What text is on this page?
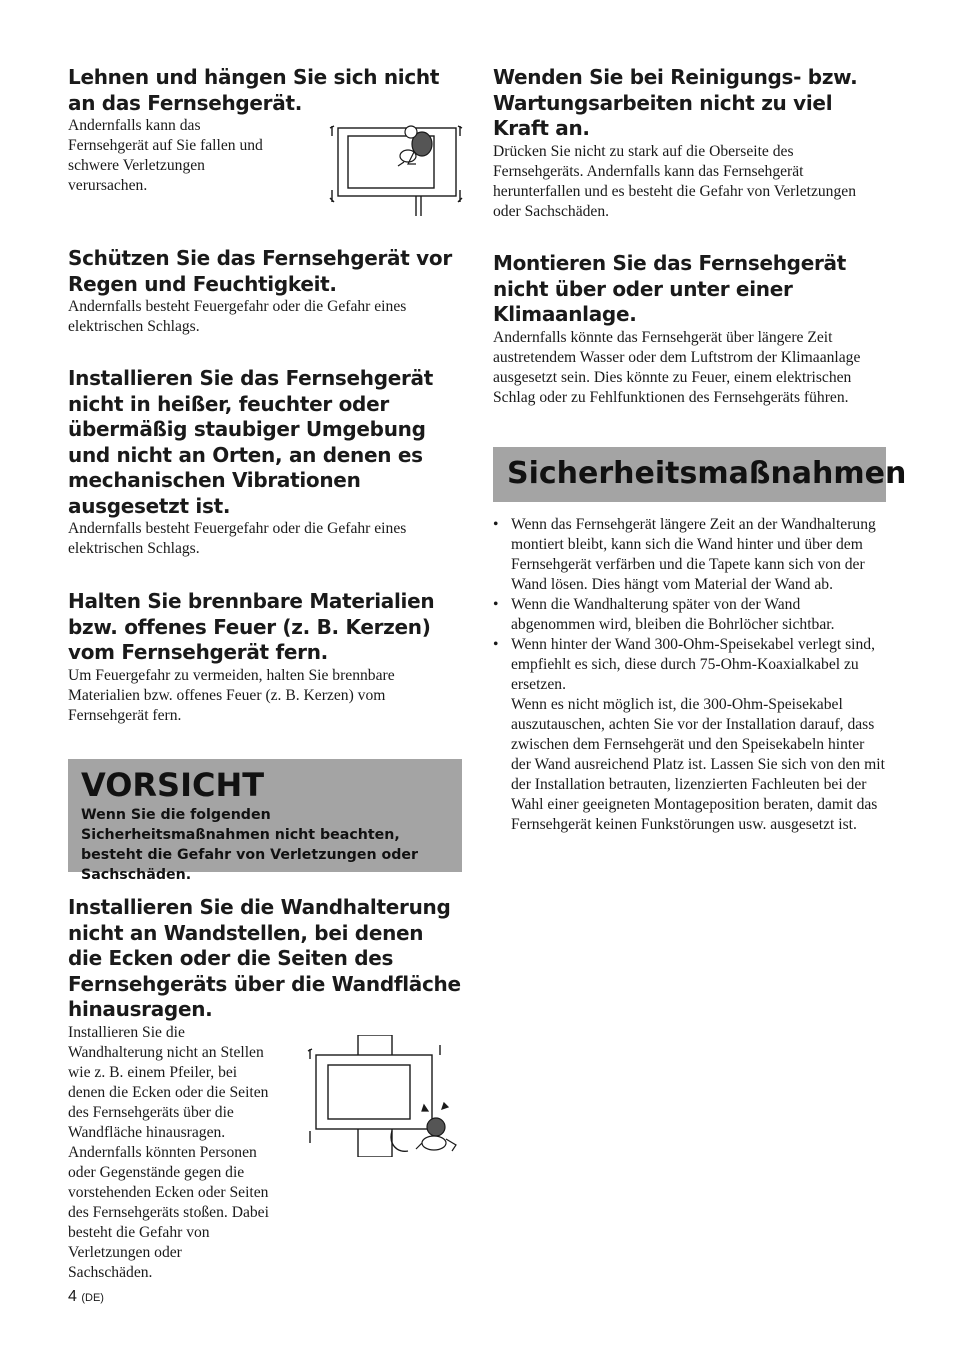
Lehnen und hängen Sie sich nicht an das Fernsehgerät.

Andernfalls kann das
Fernsehgerät auf Sie fallen und
schwere Verletzungen
verursachen.

Schützen Sie das Fernsehgerät vor Regen und Feuchtigkeit.

Andernfalls besteht Feuergefahr oder die Gefahr eines elektrischen Schlags.

Installieren Sie das Fernsehgerät nicht in heißer, feuchter oder übermäßig staubiger Umgebung und nicht an Orten, an denen es mechanischen Vibrationen ausgesetzt ist.

Andernfalls besteht Feuergefahr oder die Gefahr eines elektrischen Schlags.

Halten Sie brennbare Materialien bzw. offenes Feuer (z. B. Kerzen) vom Fernsehgerät fern.

Um Feuergefahr zu vermeiden, halten Sie brennbare Materialien bzw. offenes Feuer (z. B. Kerzen) vom Fernsehgerät fern.

VORSICHT
Wenn Sie die folgenden Sicherheitsmaßnahmen nicht beachten, besteht die Gefahr von Verletzungen oder Sachschäden.
Installieren Sie die Wandhalterung nicht an Wandstellen, bei denen die Ecken oder die Seiten des Fernsehgeräts über die Wandfläche hinausragen.

Installieren Sie die
Wandhalterung nicht an Stellen
wie z. B. einem Pfeiler, bei
denen die Ecken oder die Seiten
des Fernsehgeräts über die
Wandfläche hinausragen.
Andernfalls könnten Personen
oder Gegenstände gegen die
vorstehenden Ecken oder Seiten
des Fernsehgeräts stoßen. Dabei
besteht die Gefahr von
Verletzungen oder
Sachschäden.

Wenden Sie bei Reinigungs- bzw. Wartungsarbeiten nicht zu viel Kraft an.

Drücken Sie nicht zu stark auf die Oberseite des Fernsehgeräts. Andernfalls kann das Fernsehgerät herunterfallen und es besteht die Gefahr von Verletzungen oder Sachschäden.

Montieren Sie das Fernsehgerät nicht über oder unter einer Klimaanlage.

Andernfalls könnte das Fernsehgerät über längere Zeit austretendem Wasser oder dem Luftstrom der Klimaanlage ausgesetzt sein. Dies könnte zu Feuer, einem elektrischen Schlag oder zu Fehlfunktionen des Fernsehgeräts führen.

Sicherheitsmaßnahmen
• Wenn das Fernsehgerät längere Zeit an der Wandhalterung montiert bleibt, kann sich die Wand hinter und über dem Fernsehgerät verfärben und die Tapete kann sich von der Wand lösen. Dies hängt vom Material der Wand ab.
• Wenn die Wandhalterung später von der Wand abgenommen wird, bleiben die Bohrlöcher sichtbar.
• Wenn hinter der Wand 300-Ohm-Speisekabel verlegt sind, empfiehlt es sich, diese durch 75-Ohm-Koaxialkabel zu ersetzen.

Wenn es nicht möglich ist, die 300-Ohm-Speisekabel auszutauschen, achten Sie vor der Installation darauf, dass zwischen dem Fernsehgerät und den Speisekabeln hinter der Wand ausreichend Platz ist. Lassen Sie sich von den mit der Installation betrauten, lizenzierten Fachleuten bei der Wahl einer geeigneten Montageposition beraten, damit das Fernsehgerät keinen Funkstörungen usw. ausgesetzt ist.

4 (DE)
